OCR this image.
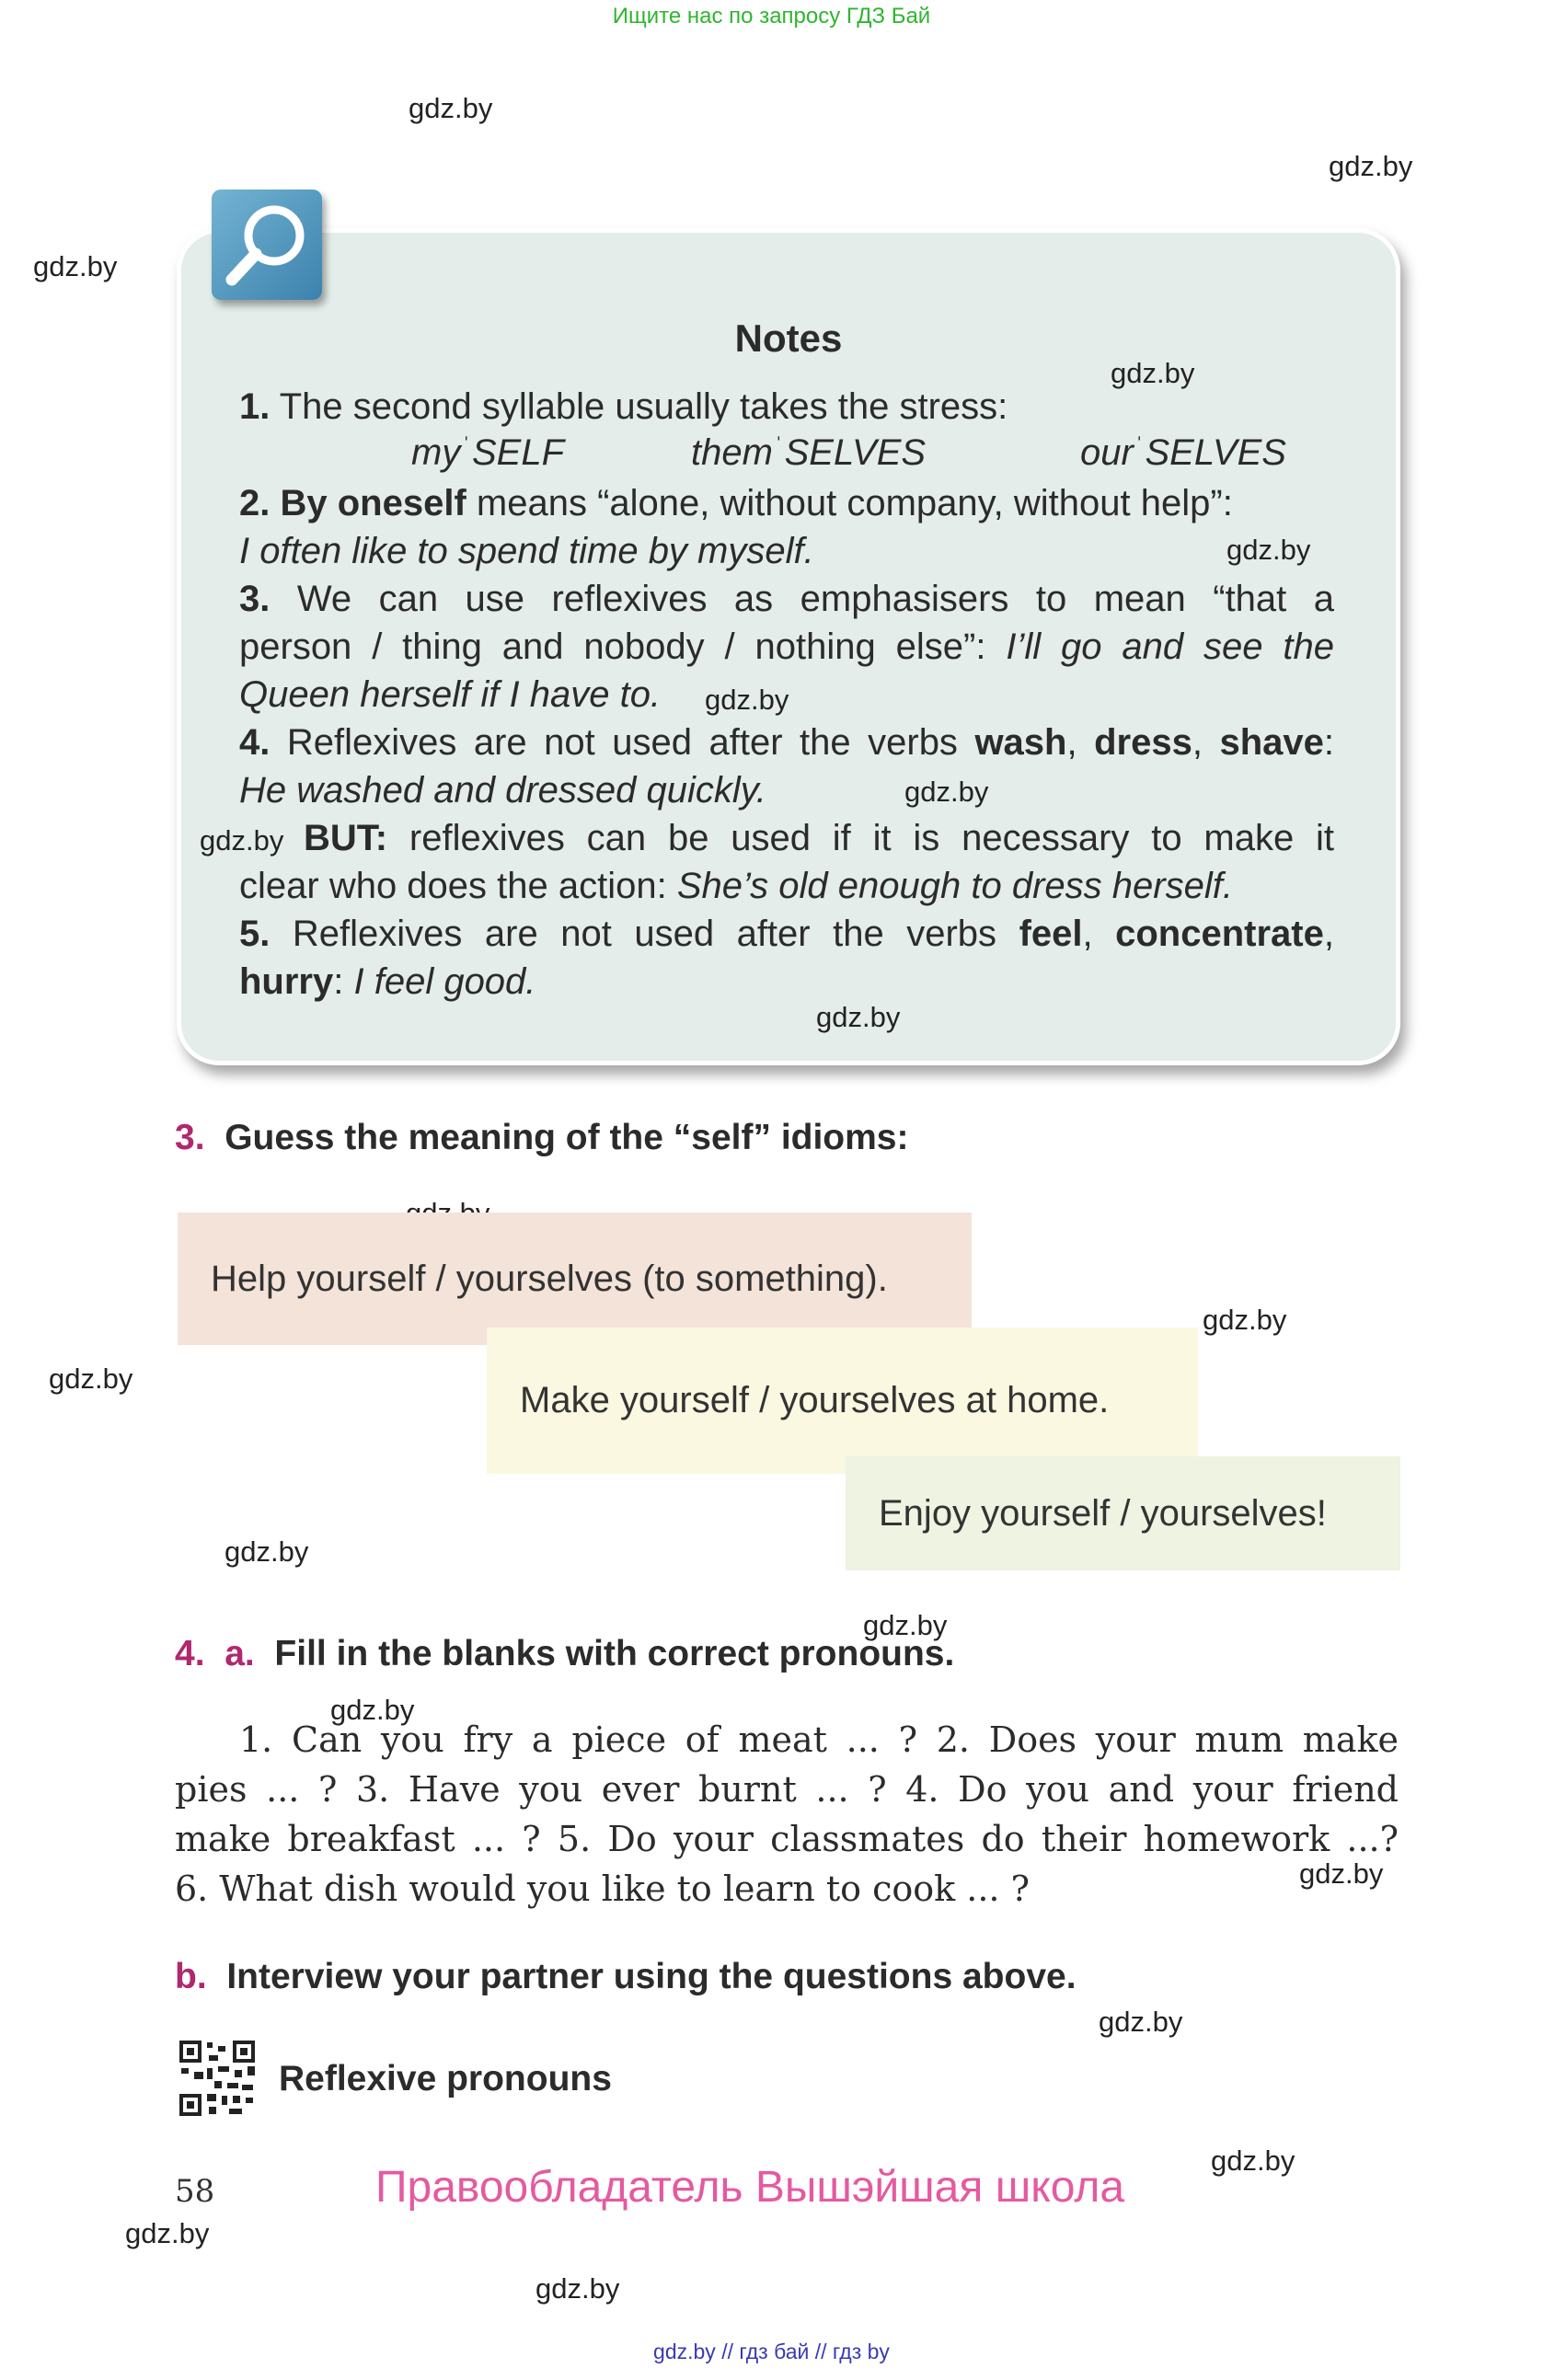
Ищите нас по запросу ГДЗ Бай
gdz.by
gdz.by
gdz.by
Notes
gdz.by
1. The second syllable usually takes the stress:
$my^ˈSELF$	them$^ˈ$SELVES	our$^ˈ$SELVES
2. By oneself means “alone, without company, without help”:
I often like to spend time by myself.	gdz.by
3. We can use reflexives as emphasisers to mean “that a
person / thing and nobody / nothing else”: I’ll go and see the
Queen herself if I have to.	gdz.by
4. Reflexives are not used after the verbs wash, dress, shave:
He washed and dressed quickly.	gdz.by
gdz.by BUT: reflexives can be used if it is necessary to make it
clear who does the action: She’s old enough to dress herself.
5. Reflexives are not used after the verbs feel, concentrate,
hurry: I feel good.
gdz.by
3. Guess the meaning of the “self” idioms:
Help yourself / yourselves (to something).
Make yourself / yourselves at home.
gdz.by
gdz.by
Enjoy yourself / yourselves!
gdz.by
gdz.by
4. a. Fill in the blanks with correct pronouns.
gdz.by
1. Can you fry a piece of meat ... ? 2. Does your mum make
pies ... ? 3. Have you ever burnt ... ? 4. Do you and your friend
make breakfast ... ? 5. Do your classmates do their homework ...?
6. What dish would you like to learn to cook ... ?	gdz.by
b. Interview your partner using the questions above.
gdz.by
Reflexive pronouns
gdz.by
58	Правообладатель Вышэйшая школа
gdz.by
gdz.by
gdz.by // гдз бай // гдз by
